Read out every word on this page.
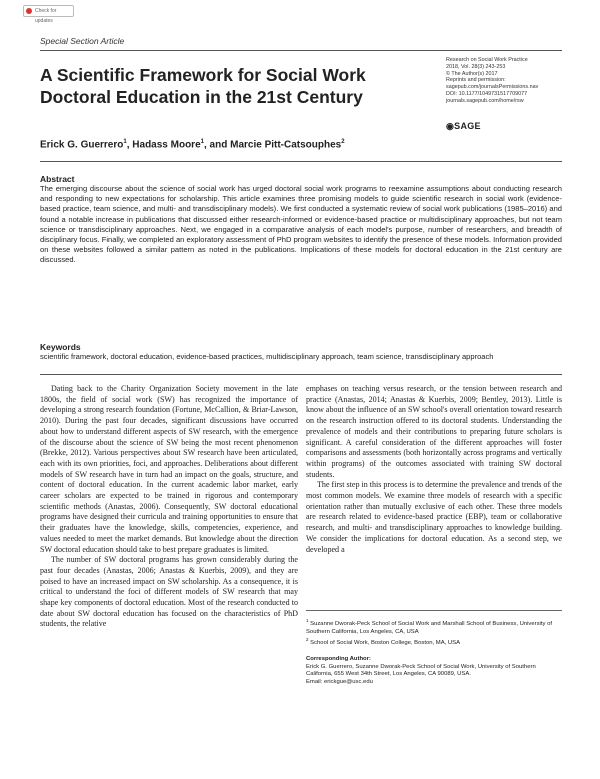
Check for updates
Special Section Article
A Scientific Framework for Social Work Doctoral Education in the 21st Century
Research on Social Work Practice
2018, Vol. 28(3) 243-253
© The Author(s) 2017
Reprints and permission:
sagepub.com/journalsPermissions.nav
DOI: 10.1177/1049731517709077
journals.sagepub.com/home/rsw
◉SAGE
Erick G. Guerrero$^1$, Hadass Moore$^1$, and Marcie Pitt-Catsouphes$^2$
Abstract
The emerging discourse about the science of social work has urged doctoral social work programs to reexamine assumptions about conducting research and responding to new expectations for scholarship. This article examines three promising models to guide scientific research in social work (evidence-based practice, team science, and multi- and transdisciplinary models). We first conducted a systematic review of social work publications (1985–2016) and found a notable increase in publications that discussed either research-informed or evidence-based practice or multidisciplinary approaches, but not team science or transdisciplinary approaches. Next, we engaged in a comparative analysis of each model's purpose, number of researchers, and breadth of disciplinary focus. Finally, we completed an exploratory assessment of PhD program websites to identify the presence of these models. Information provided on these websites followed a similar pattern as noted in the publications. Implications of these models for doctoral education in the 21st century are discussed.
Keywords
scientific framework, doctoral education, evidence-based practices, multidisciplinary approach, team science, transdisciplinary approach

Dating back to the Charity Organization Society movement in the late 1800s, the field of social work (SW) has recognized the importance of developing a strong research foundation (Fortune, McCallion, & Briar-Lawson, 2010). During the past four decades, significant discussions have occurred about how to understand different aspects of SW research, with the emergence of the discourse about the science of SW being the most recent phenomenon (Brekke, 2012). Various perspectives about SW research have been articulated, each with its own priorities, foci, and approaches. Deliberations about different models of SW research have in turn had an impact on the goals, structure, and content of doctoral education. In the current academic labor market, early career scholars are expected to be trained in rigorous and contemporary scientific methods (Anastas, 2006). Consequently, SW doctoral educational programs have designed their curricula and training opportunities to ensure that their graduates have the knowledge, skills, competencies, experience, and values needed to meet the market demands. But knowledge about the direction SW doctoral education should take to best prepare graduates is limited.

The number of SW doctoral programs has grown considerably during the past four decades (Anastas, 2006; Anastas & Kuerbis, 2009), and they are poised to have an increased impact on SW scholarship. As a consequence, it is critical to understand the foci of different models of SW research that may shape key components of doctoral education. Most of the research conducted to date about SW doctoral education has focused on the characteristics of PhD students, the relative

emphases on teaching versus research, or the tension between research and practice (Anastas, 2014; Anastas & Kuerbis, 2009; Bentley, 2013). Little is know about the influence of an SW school's overall orientation toward research on the research instruction offered to its doctoral students. Understanding the prevalence of models and their contributions to preparing future scholars is significant. A careful consideration of the different approaches will foster comparisons and assessments (both horizontally across programs and vertically within programs) of the outcomes associated with training SW doctoral students.

The first step in this process is to determine the prevalence and trends of the most common models. We examine three models of research with a specific orientation rather than mutually exclusive of each other. These three models are research related to evidence-based practice (EBP), team or collaborative research, and multi- and transdisciplinary approaches to knowledge building. We consider the implications for doctoral education. As a second step, we developed a

$^1$ Suzanne Dworak-Peck School of Social Work and Marshall School of Business, University of Southern California, Los Angeles, CA, USA
$^2$ School of Social Work, Boston College, Boston, MA, USA
Corresponding Author:
Erick G. Guerrero, Suzanne Dworak-Peck School of Social Work, University of Southern California, 655 West 34th Street, Los Angeles, CA 90089, USA.
Email: erickgue@usc.edu
